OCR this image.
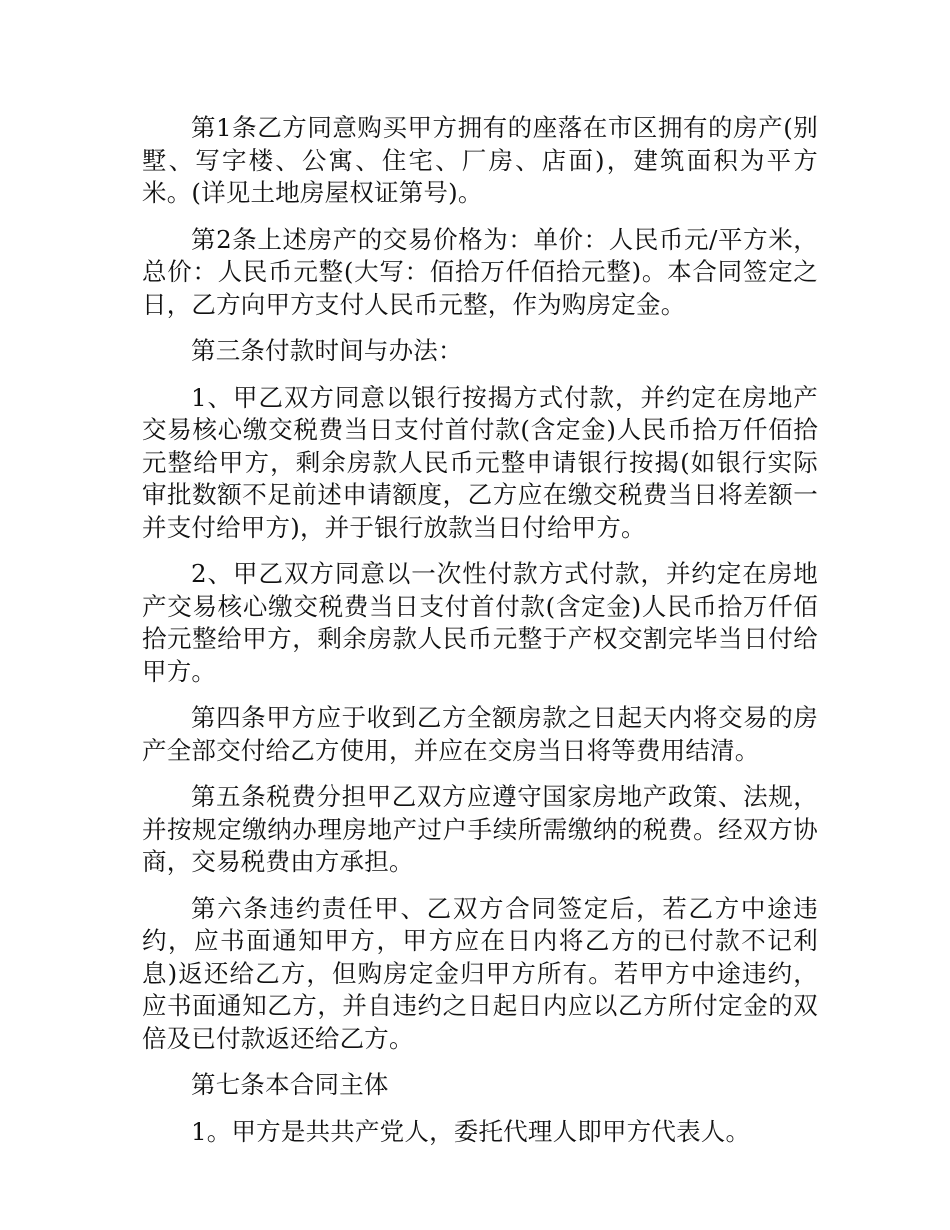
第1条乙方同意购买甲方拥有的座落在市区拥有的房产(别墅、写字楼、公寓、住宅、厂房、店面)，建筑面积为平方米。(详见土地房屋权证第号)。

第2条上述房产的交易价格为：单价：人民币元/平方米，总价：人民币元整(大写：佰拾万仟佰拾元整)。本合同签定之日，乙方向甲方支付人民币元整，作为购房定金。

第三条付款时间与办法：

1、甲乙双方同意以银行按揭方式付款，并约定在房地产交易核心缴交税费当日支付首付款(含定金)人民币拾万仟佰拾元整给甲方，剩余房款人民币元整申请银行按揭(如银行实际审批数额不足前述申请额度，乙方应在缴交税费当日将差额一并支付给甲方)，并于银行放款当日付给甲方。

2、甲乙双方同意以一次性付款方式付款，并约定在房地产交易核心缴交税费当日支付首付款(含定金)人民币拾万仟佰拾元整给甲方，剩余房款人民币元整于产权交割完毕当日付给甲方。

第四条甲方应于收到乙方全额房款之日起天内将交易的房产全部交付给乙方使用，并应在交房当日将等费用结清。

第五条税费分担甲乙双方应遵守国家房地产政策、法规，并按规定缴纳办理房地产过户手续所需缴纳的税费。经双方协商，交易税费由方承担。

第六条违约责任甲、乙双方合同签定后，若乙方中途违约，应书面通知甲方，甲方应在日内将乙方的已付款不记利息)返还给乙方，但购房定金归甲方所有。若甲方中途违约，应书面通知乙方，并自违约之日起日内应以乙方所付定金的双倍及已付款返还给乙方。

第七条本合同主体

1。甲方是共共产党人，委托代理人即甲方代表人。
